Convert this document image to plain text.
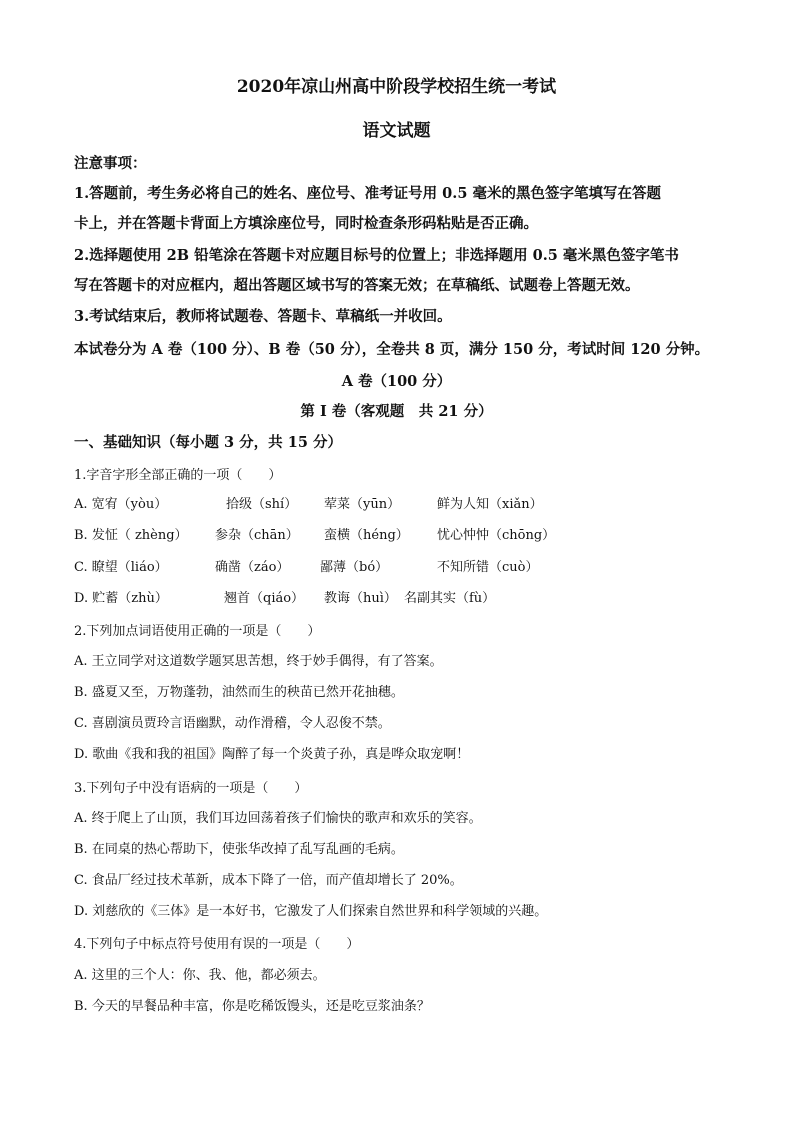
2020年凉山州高中阶段学校招生统一考试
语文试题
注意事项：
1.答题前，考生务必将自己的姓名、座位号、准考证号用 0.5 毫米的黑色签字笔填写在答题
卡上，并在答题卡背面上方填涂座位号，同时检查条形码粘贴是否正确。
2.选择题使用 2B 铅笔涂在答题卡对应题目标号的位置上；非选择题用 0.5 毫米黑色签字笔书
写在答题卡的对应框内，超出答题区域书写的答案无效；在草稿纸、试题卷上答题无效。
3.考试结束后，教师将试题卷、答题卡、草稿纸一并收回。
本试卷分为 A 卷（100 分）、B 卷（50 分），全卷共 8 页，满分 150 分，考试时间 120 分钟。
A 卷（100 分）
第 I 卷（客观题　共 21 分）
一、基础知识（每小题 3 分，共 15 分）
1.字音字形全部正确的一项（　　）
A. 宽宥（yòu）	拾级（shí） 荤菜（yūn）	鲜为人知（xiǎn）
B. 发怔（ zhèng） 参杂（chān） 蛮横（héng） 忧心忡忡（chōng）
C. 瞭望（liáo）	确凿（záo） 鄙薄（bó）	不知所错（cuò）
D. 贮蓄（zhù）	翘首（qiáo） 教诲（huì） 名副其实（fù）
2.下列加点词语使用正确的一项是（　　）
A. 王立同学对这道数学题冥思苦想，终于妙手偶得，有了答案。
B. 盛夏又至，万物蓬勃，油然而生的秧苗已然开花抽穗。
C. 喜剧演员贾玲言语幽默，动作滑稽，令人忍俊不禁。
D. 歌曲《我和我的祖国》陶醉了每一个炎黄子孙，真是哗众取宠啊！
3.下列句子中没有语病的一项是（　　）
A. 终于爬上了山顶，我们耳边回荡着孩子们愉快的歌声和欢乐的笑容。
B. 在同桌的热心帮助下，使张华改掉了乱写乱画的毛病。
C. 食品厂经过技术革新，成本下降了一倍，而产值却增长了 20%。
D. 刘慈欣的《三体》是一本好书，它激发了人们探索自然世界和科学领域的兴趣。
4.下列句子中标点符号使用有误的一项是（　　）
A. 这里的三个人：你、我、他，都必须去。
B. 今天的早餐品种丰富，你是吃稀饭馒头，还是吃豆浆油条？
